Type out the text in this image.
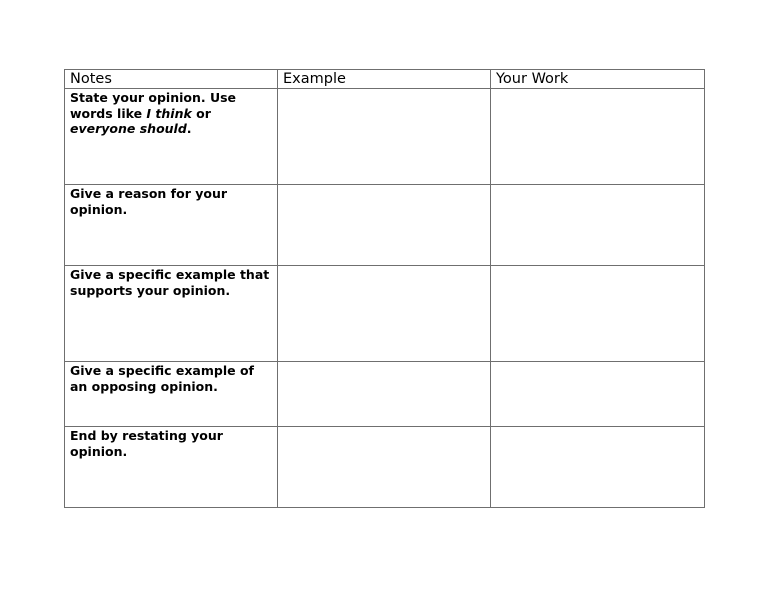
Notes	Example	Your Work
State your opinion. Use words like I think or everyone should.		
Give a reason for your opinion.		
Give a specific example that supports your opinion.		
Give a specific example of an opposing opinion.		
End by restating your opinion.		
